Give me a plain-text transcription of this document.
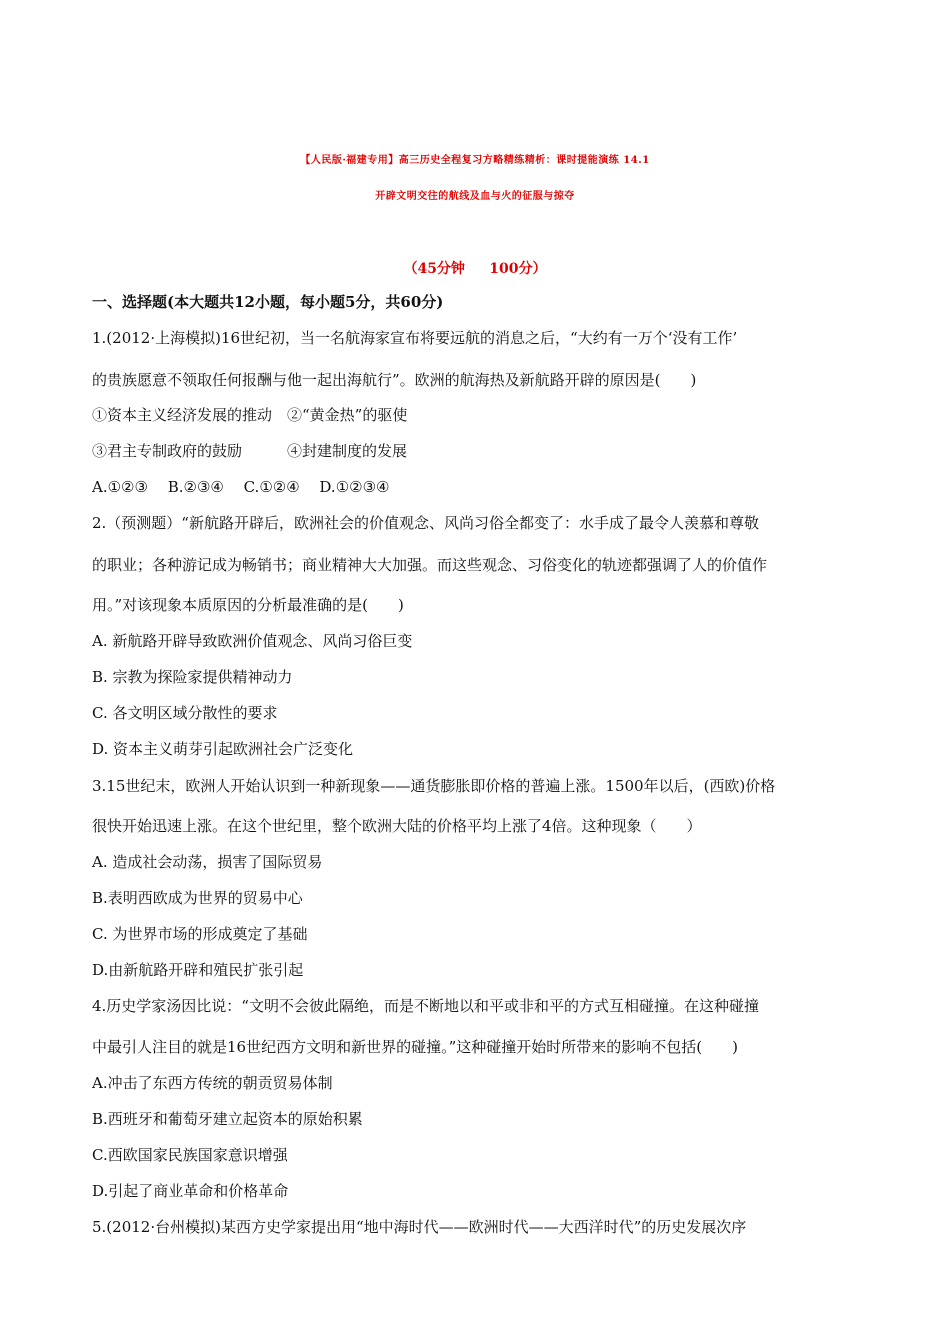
【人民版·福建专用】高三历史全程复习方略精练精析：课时提能演练 14.1
开辟文明交往的航线及血与火的征服与掠夺
（45分钟     100分）
一、选择题(本大题共12小题，每小题5分，共60分)
1.(2012·上海模拟)16世纪初，当一名航海家宣布将要远航的消息之后，“大约有一万个‘没有工作’
的贵族愿意不领取任何报酬与他一起出海航行”。欧洲的航海热及新航路开辟的原因是(　　)
①资本主义经济发展的推动　②“黄金热”的驱使
③君主专制政府的鼓励　　　④封建制度的发展
A.①②③　 B.②③④　 C.①②④　 D.①②③④
2.（预测题）“新航路开辟后，欧洲社会的价值观念、风尚习俗全都变了：水手成了最令人羡慕和尊敬
的职业；各种游记成为畅销书；商业精神大大加强。而这些观念、习俗变化的轨迹都强调了人的价值作
用。”对该现象本质原因的分析最准确的是(　　)
A. 新航路开辟导致欧洲价值观念、风尚习俗巨变
B. 宗教为探险家提供精神动力
C. 各文明区域分散性的要求
D. 资本主义萌芽引起欧洲社会广泛变化
3.15世纪末，欧洲人开始认识到一种新现象——通货膨胀即价格的普遍上涨。1500年以后，(西欧)价格
很快开始迅速上涨。在这个世纪里，整个欧洲大陆的价格平均上涨了4倍。这种现象（　　）
A. 造成社会动荡，损害了国际贸易
B.表明西欧成为世界的贸易中心
C. 为世界市场的形成奠定了基础
D.由新航路开辟和殖民扩张引起
4.历史学家汤因比说：“文明不会彼此隔绝，而是不断地以和平或非和平的方式互相碰撞。在这种碰撞
中最引人注目的就是16世纪西方文明和新世界的碰撞。”这种碰撞开始时所带来的影响不包括(　　)
A.冲击了东西方传统的朝贡贸易体制
B.西班牙和葡萄牙建立起资本的原始积累
C.西欧国家民族国家意识增强
D.引起了商业革命和价格革命
5.(2012·台州模拟)某西方史学家提出用“地中海时代——欧洲时代——大西洋时代”的历史发展次序
